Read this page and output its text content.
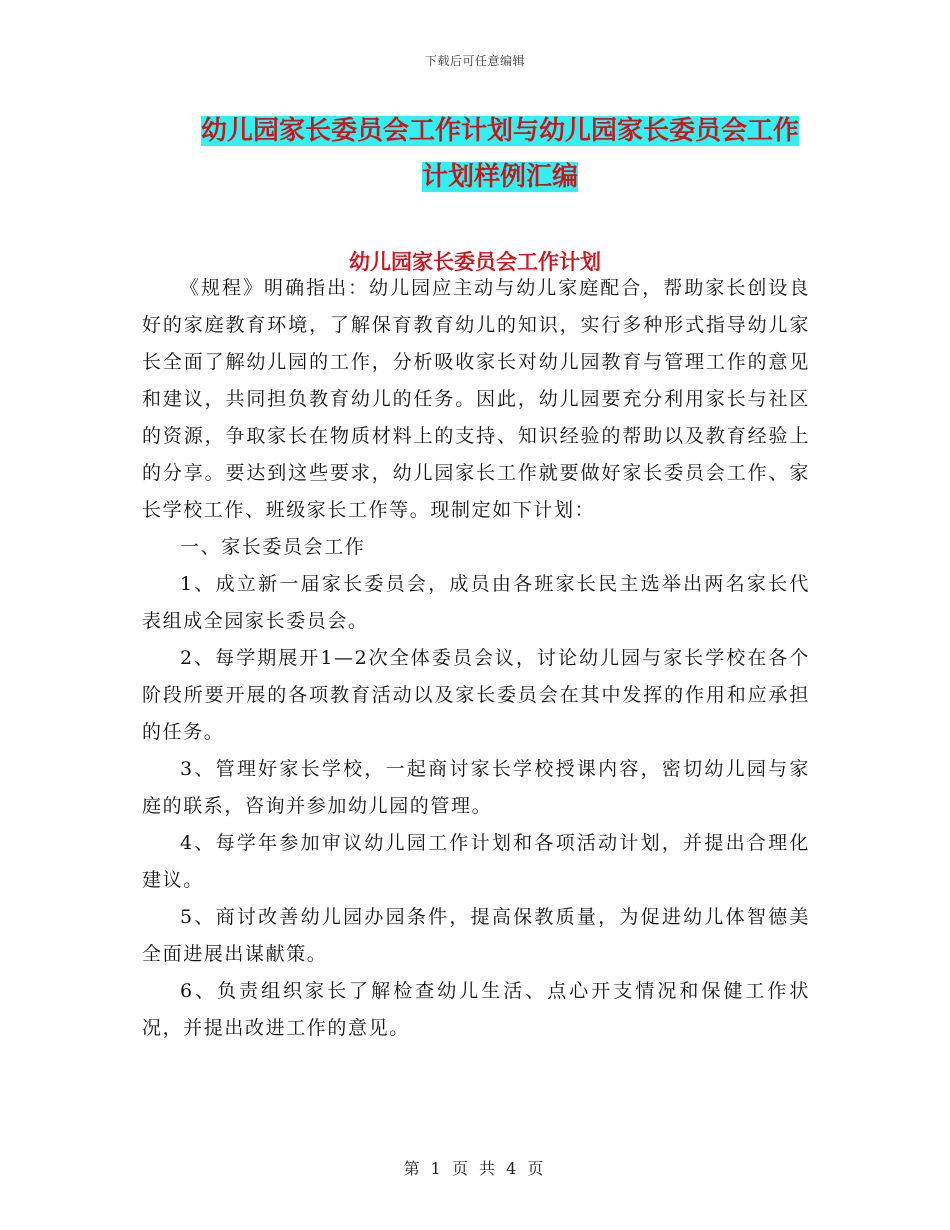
下载后可任意编辑
幼儿园家长委员会工作计划与幼儿园家长委员会工作
计划样例汇编
幼儿园家长委员会工作计划

《规程》明确指出：幼儿园应主动与幼儿家庭配合，帮助家长创设良好的家庭教育环境，了解保育教育幼儿的知识，实行多种形式指导幼儿家长全面了解幼儿园的工作，分析吸收家长对幼儿园教育与管理工作的意见和建议，共同担负教育幼儿的任务。因此，幼儿园要充分利用家长与社区的资源，争取家长在物质材料上的支持、知识经验的帮助以及教育经验上的分享。要达到这些要求，幼儿园家长工作就要做好家长委员会工作、家长学校工作、班级家长工作等。现制定如下计划：

一、家长委员会工作

1、成立新一届家长委员会，成员由各班家长民主选举出两名家长代表组成全园家长委员会。

2、每学期展开1—2次全体委员会议，讨论幼儿园与家长学校在各个阶段所要开展的各项教育活动以及家长委员会在其中发挥的作用和应承担的任务。

3、管理好家长学校，一起商讨家长学校授课内容，密切幼儿园与家庭的联系，咨询并参加幼儿园的管理。

4、每学年参加审议幼儿园工作计划和各项活动计划，并提出合理化建议。

5、商讨改善幼儿园办园条件，提高保教质量，为促进幼儿体智德美全面进展出谋献策。

6、负责组织家长了解检查幼儿生活、点心开支情况和保健工作状况，并提出改进工作的意见。

第 1 页 共 4 页
